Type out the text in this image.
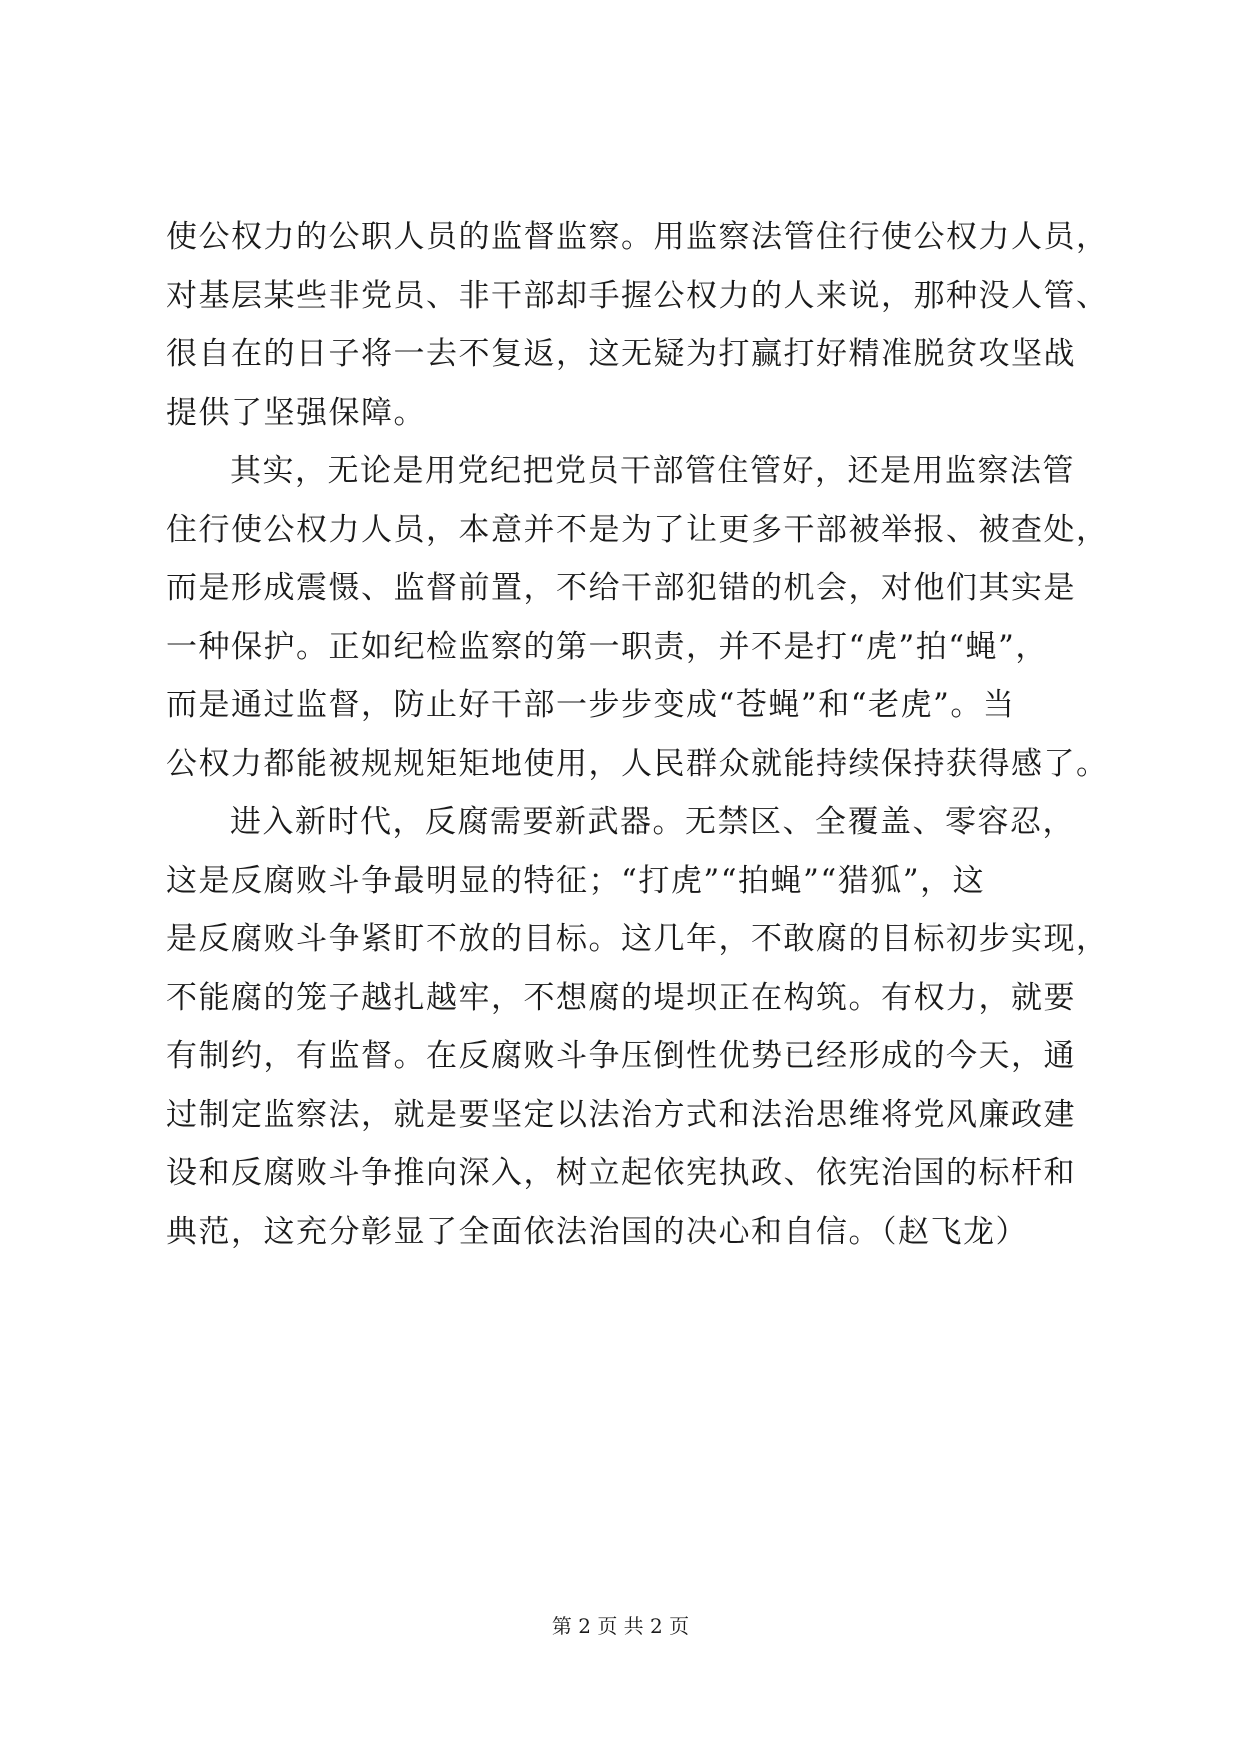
使公权力的公职人员的监督监察。用监察法管住行使公权力人员，
对基层某些非党员、非干部却手握公权力的人来说，那种没人管、
很自在的日子将一去不复返，这无疑为打赢打好精准脱贫攻坚战
提供了坚强保障。
其实，无论是用党纪把党员干部管住管好，还是用监察法管
住行使公权力人员，本意并不是为了让更多干部被举报、被查处，
而是形成震慑、监督前置，不给干部犯错的机会，对他们其实是
一种保护。正如纪检监察的第一职责，并不是打“虎”拍“蝇”，
而是通过监督，防止好干部一步步变成“苍蝇”和“老虎”。当
公权力都能被规规矩矩地使用，人民群众就能持续保持获得感了。
进入新时代，反腐需要新武器。无禁区、全覆盖、零容忍，
这是反腐败斗争最明显的特征；“打虎”“拍蝇”“猎狐”，这
是反腐败斗争紧盯不放的目标。这几年，不敢腐的目标初步实现，
不能腐的笼子越扎越牢，不想腐的堤坝正在构筑。有权力，就要
有制约，有监督。在反腐败斗争压倒性优势已经形成的今天，通
过制定监察法，就是要坚定以法治方式和法治思维将党风廉政建
设和反腐败斗争推向深入，树立起依宪执政、依宪治国的标杆和
典范，这充分彰显了全面依法治国的决心和自信。（赵飞龙）
第 2 页 共 2 页
